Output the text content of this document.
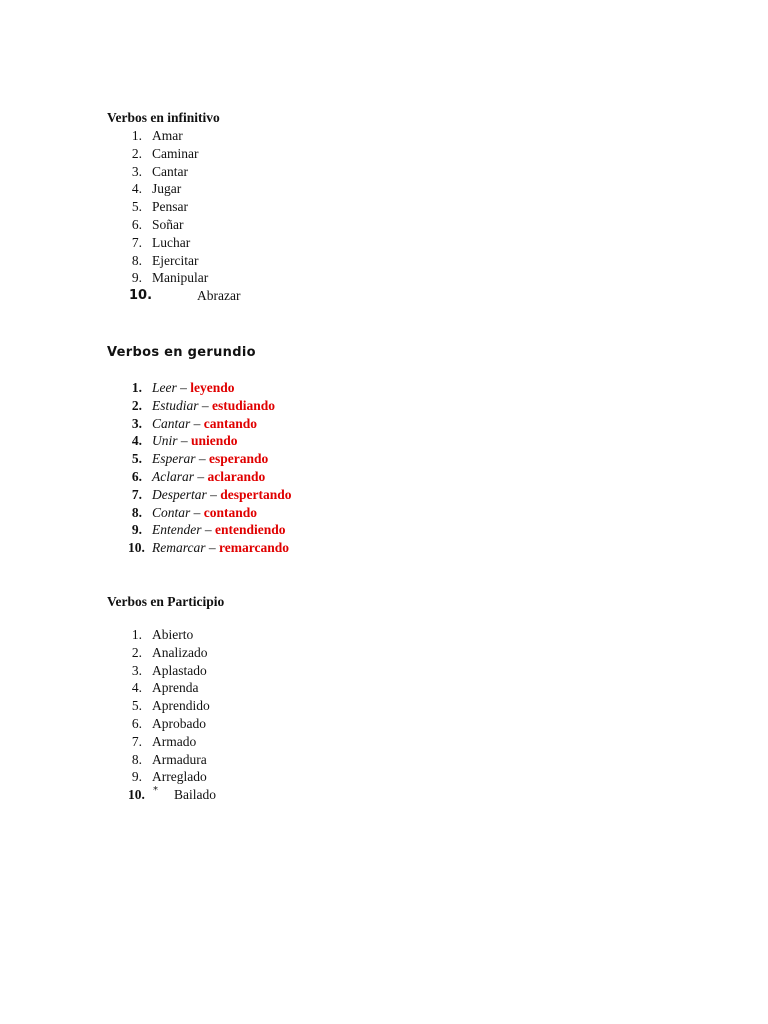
Verbos en infinitivo
1. Amar
2. Caminar
3. Cantar
4. Jugar
5. Pensar
6. Soñar
7. Luchar
8. Ejercitar
9. Manipular
10.	Abrazar
Verbos en gerundio
1. Leer – leyendo
2. Estudiar – estudiando
3. Cantar – cantando
4. Unir – uniendo
5. Esperar – esperando
6. Aclarar – aclarando
7. Despertar – despertando
8. Contar – contando
9. Entender – entendiendo
10. Remarcar – remarcando
Verbos en Participio
1. Abierto
2. Analizado
3. Aplastado
4. Aprenda
5. Aprendido
6. Aprobado
7. Armado
8. Armadura
9. Arreglado
10. * Bailado
